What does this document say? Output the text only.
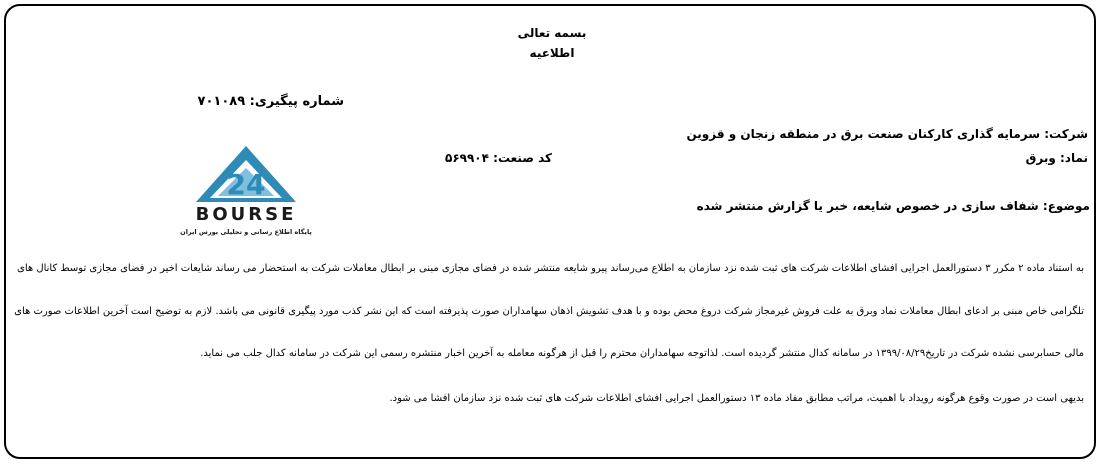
بسمه تعالی
اطلاعیه
شماره پیگیری: ۷۰۱۰۸۹
شرکت: سرمایه گذاری کارکنان صنعت برق در منطقه زنجان و قزوین
نماد: وبرق
کد صنعت: ۵۶۹۹۰۴
موضوع: شفاف سازی در خصوص شایعه، خبر یا گزارش منتشر شده
24
BOURSE
پایگاه اطلاع رسانی و تحلیلی بورس ایران
به استناد ماده ۲ مکرر ۳ دستورالعمل اجرایی افشای اطلاعات شرکت های ثبت شده نزد سازمان به اطلاع می‌رساند پیرو شایعه منتشر شده در فضای مجازی مبنی بر ابطال معاملات شرکت به استحضار می رساند شایعات اخیر در فضای مجازی توسط کانال های
تلگرامی خاص مبنی بر ادعای ابطال معاملات نماد وبرق به علت فروش غیرمجاز شرکت دروغ محض بوده و با هدف تشویش اذهان سهامداران صورت پذیرفته است که این نشر کذب مورد پیگیری قانونی می باشد. لازم به توضیح است آخرین اطلاعات صورت های
مالی حسابرسی نشده شرکت در تاریخ۱۳۹۹/۰۸/۲۹ در سامانه کدال منتشر گردیده است. لذاتوجه سهامداران محترم را قبل از هرگونه معامله به آخرین اخبار منتشره رسمی این شرکت در سامانه کدال جلب می نماید.
بدیهی است در صورت وقوع هرگونه رویداد با اهمیت، مراتب مطابق مفاد ماده ۱۳ دستورالعمل اجرایی افشای اطلاعات شرکت های ثبت شده نزد سازمان افشا می شود.
